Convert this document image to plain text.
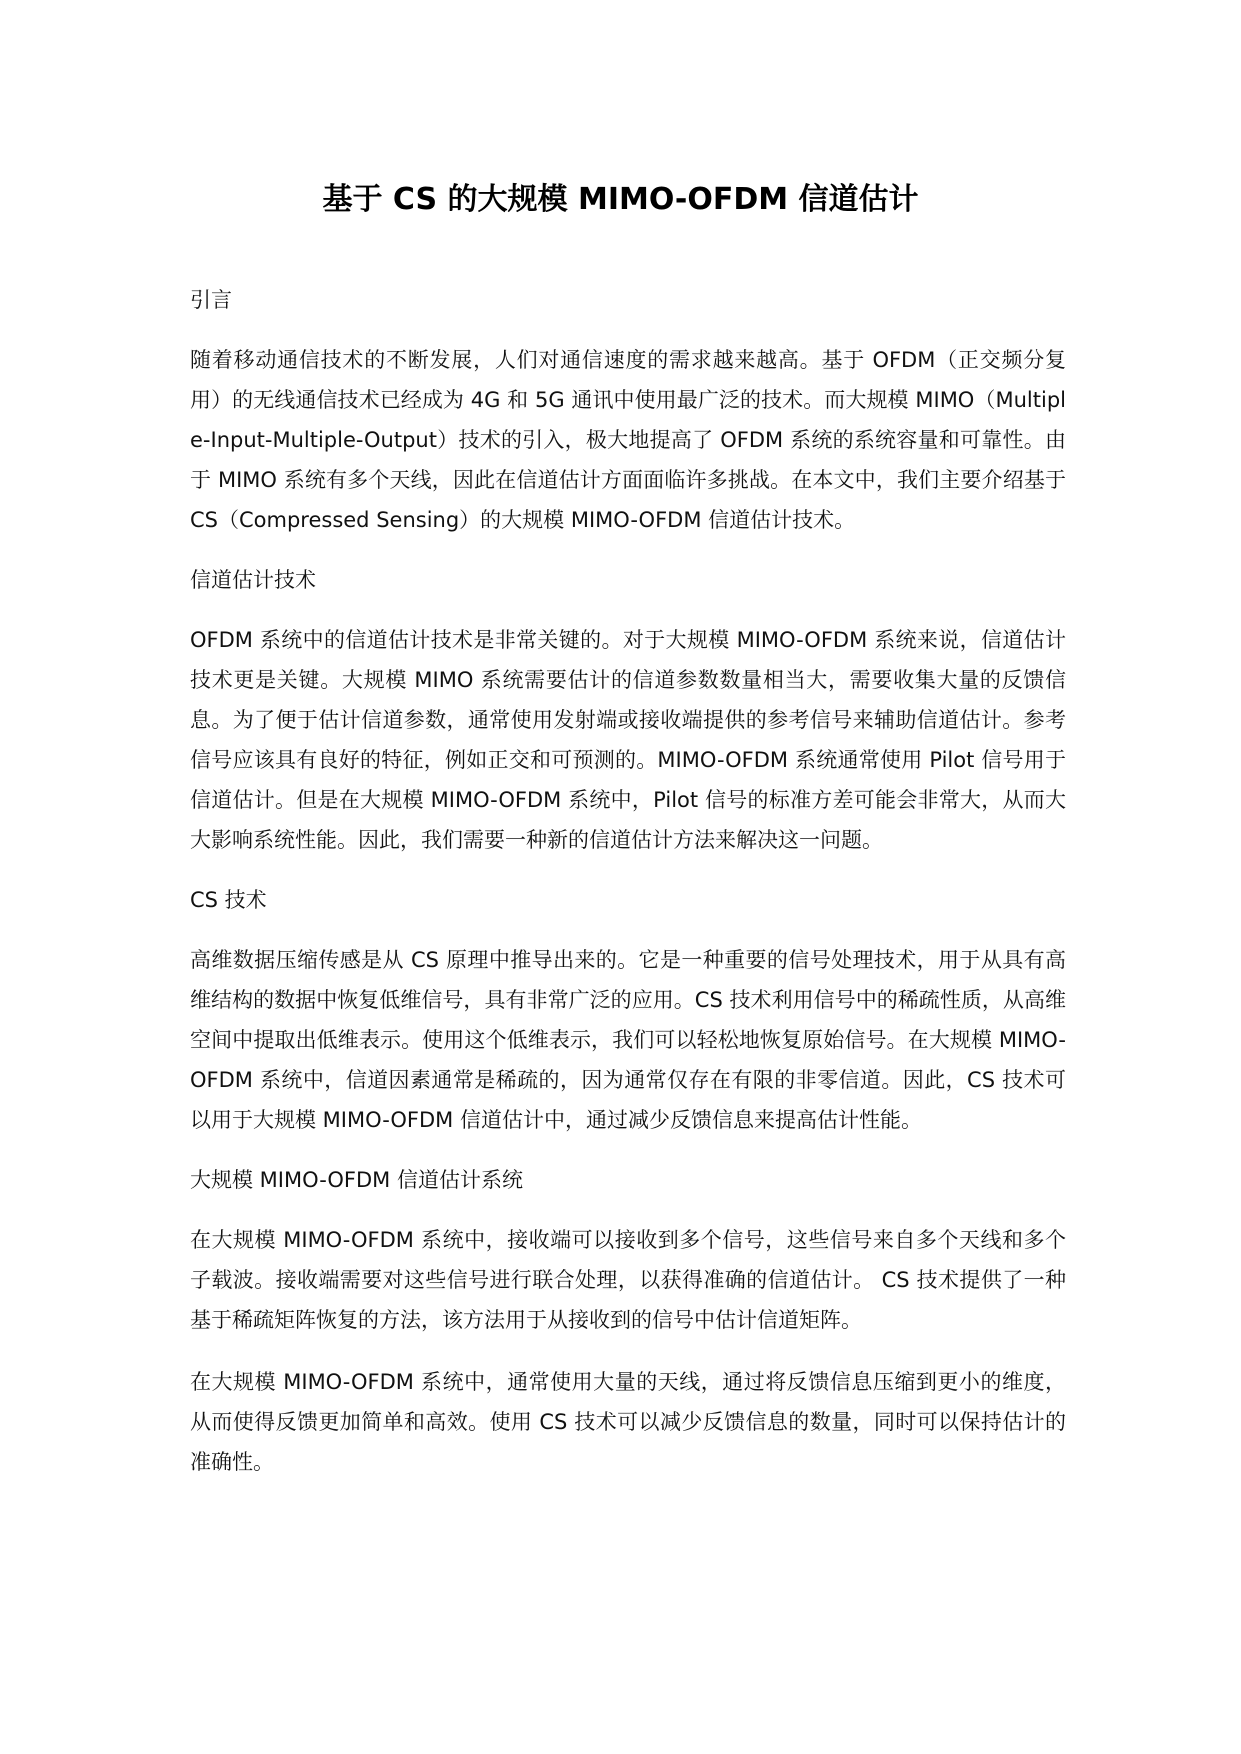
基于 CS 的大规模 MIMO-OFDM 信道估计
引言

随着移动通信技术的不断发展，人们对通信速度的需求越来越高。基于 OFDM（正交频分复用）的无线通信技术已经成为 4G 和 5G 通讯中使用最广泛的技术。而大规模 MIMO（Multiple-Input-Multiple-Output）技术的引入，极大地提高了 OFDM 系统的系统容量和可靠性。由于 MIMO 系统有多个天线，因此在信道估计方面面临许多挑战。在本文中，我们主要介绍基于 CS（Compressed Sensing）的大规模 MIMO-OFDM 信道估计技术。

信道估计技术

OFDM 系统中的信道估计技术是非常关键的。对于大规模 MIMO-OFDM 系统来说，信道估计技术更是关键。大规模 MIMO 系统需要估计的信道参数数量相当大，需要收集大量的反馈信息。为了便于估计信道参数，通常使用发射端或接收端提供的参考信号来辅助信道估计。参考信号应该具有良好的特征，例如正交和可预测的。MIMO-OFDM 系统通常使用 Pilot 信号用于信道估计。但是在大规模 MIMO-OFDM 系统中，Pilot 信号的标准方差可能会非常大，从而大大影响系统性能。因此，我们需要一种新的信道估计方法来解决这一问题。

CS 技术

高维数据压缩传感是从 CS 原理中推导出来的。它是一种重要的信号处理技术，用于从具有高维结构的数据中恢复低维信号，具有非常广泛的应用。CS 技术利用信号中的稀疏性质，从高维空间中提取出低维表示。使用这个低维表示，我们可以轻松地恢复原始信号。在大规模 MIMO-OFDM 系统中，信道因素通常是稀疏的，因为通常仅存在有限的非零信道。因此，CS 技术可以用于大规模 MIMO-OFDM 信道估计中，通过减少反馈信息来提高估计性能。

大规模 MIMO-OFDM 信道估计系统

在大规模 MIMO-OFDM 系统中，接收端可以接收到多个信号，这些信号来自多个天线和多个子载波。接收端需要对这些信号进行联合处理，以获得准确的信道估计。 CS 技术提供了一种基于稀疏矩阵恢复的方法，该方法用于从接收到的信号中估计信道矩阵。

在大规模 MIMO-OFDM 系统中，通常使用大量的天线，通过将反馈信息压缩到更小的维度，从而使得反馈更加简单和高效。使用 CS 技术可以减少反馈信息的数量，同时可以保持估计的准确性。
